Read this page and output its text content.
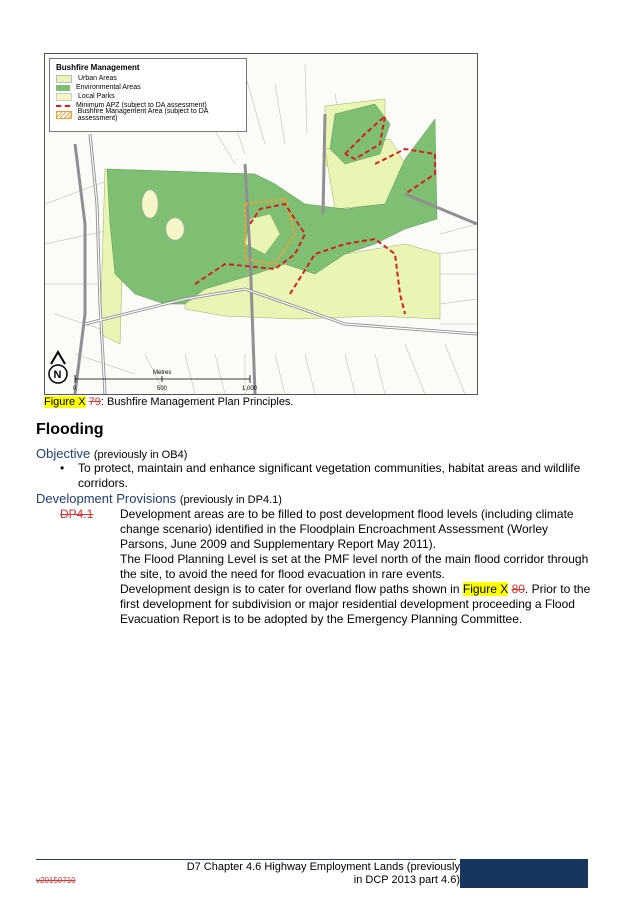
Metres
0	500	1,000
N
Bushfire Management
Urban Areas
Environmental Areas
Local Parks
Minimum APZ (subject to DA assessment)
Bushfire Management Area (subject to DA assessment)
Figure X 79: Bushfire Management Plan Principles.
Flooding
Objective (previously in OB4)
• To protect, maintain and enhance significant vegetation communities, habitat areas and wildlife corridors.
Development Provisions (previously in DP4.1)
DP4.1 Development areas are to be filled to post development flood levels (including climate change scenario) identified in the Floodplain Encroachment Assessment (Worley Parsons, June 2009 and Supplementary Report May 2011).

The Flood Planning Level is set at the PMF level north of the main flood corridor through the site, to avoid the need for flood evacuation in rare events.

Development design is to cater for overland flow paths shown in Figure X 80. Prior to the first development for subdivision or major residential development proceeding a Flood Evacuation Report is to be adopted by the Emergency Planning Committee.

D7 Chapter 4.6 Highway Employment Lands (previously
in DCP 2013 part 4.6)
v20150710
